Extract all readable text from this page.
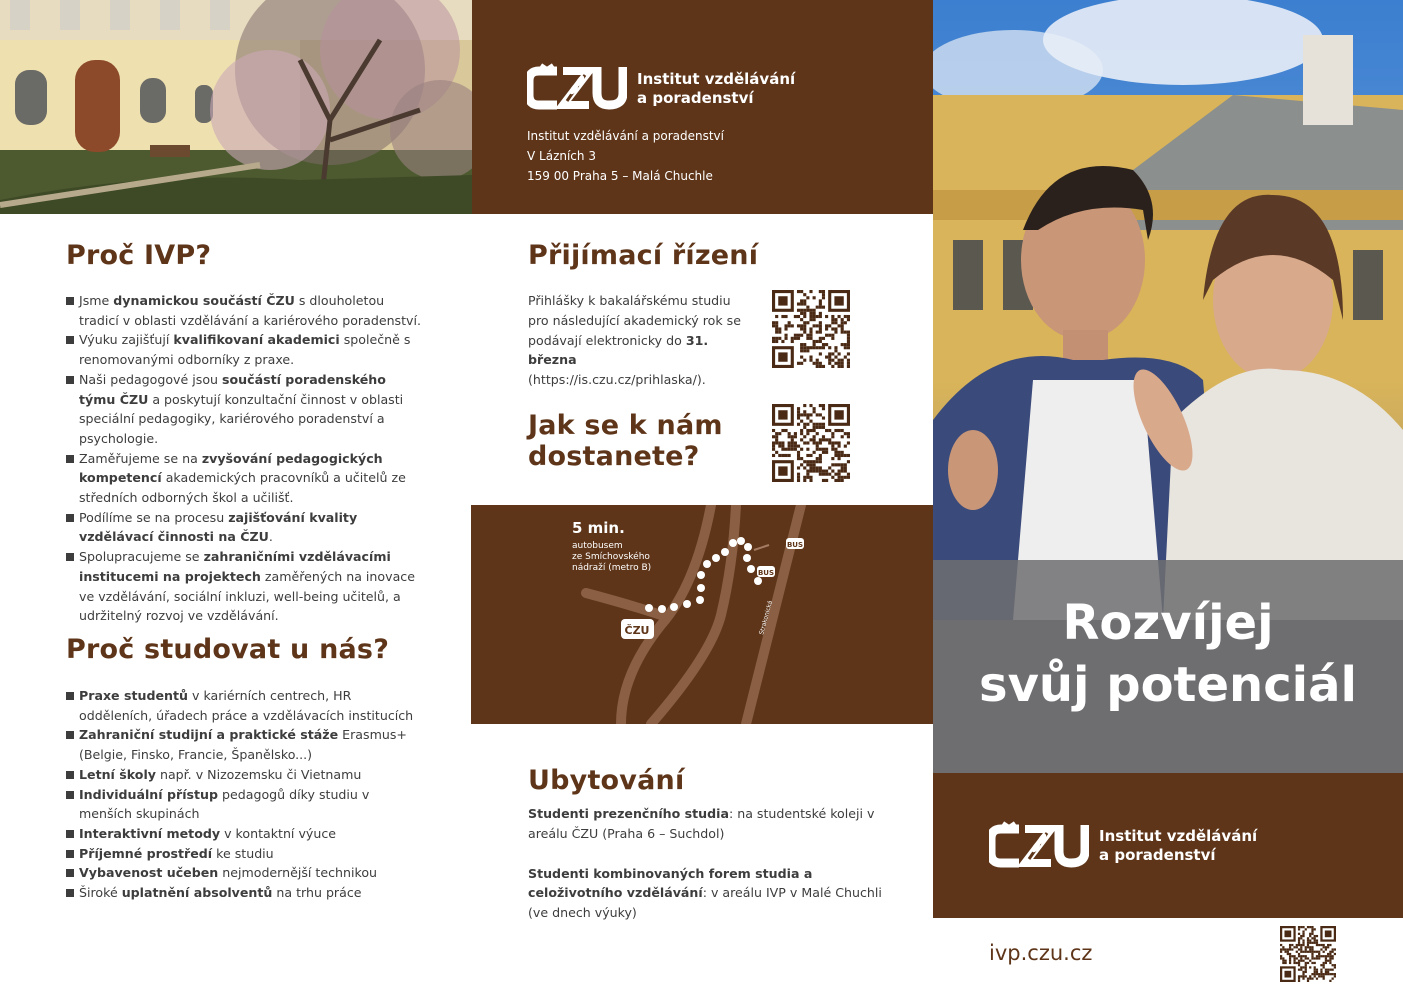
Institut vzdělávání
a poradenství
Institut vzdělávání a poradenství
V Lázních 3
159 00 Praha 5 – Malá Chuchle
Proč IVP?
Jsme dynamickou součástí ČZU s dlouholetou tradicí v oblasti vzdělávání a kariérového poradenství.
Výuku zajišťují kvalifikovaní akademici společně s renomovanými odborníky z praxe.
Naši pedagogové jsou součástí poradenského týmu ČZU a poskytují konzultační činnost v oblasti speciální pedagogiky, kariérového poradenství a psychologie.
Zaměřujeme se na zvyšování pedagogických kompetencí akademických pracovníků a učitelů ze středních odborných škol a učilišť.
Podílíme se na procesu zajišťování kvality vzdělávací činnosti na ČZU.
Spolupracujeme se zahraničními vzdělávacími institucemi na projektech zaměřených na inovace ve vzdělávání, sociální inkluzi, well-being učitelů, a udržitelný rozvoj ve vzdělávání.
Proč studovat u nás?
Praxe studentů v kariérních centrech, HR odděleních, úřadech práce a vzdělávacích institucích
Zahraniční studijní a praktické stáže Erasmus+ (Belgie, Finsko, Francie, Španělsko...)
Letní školy např. v Nizozemsku či Vietnamu
Individuální přístup pedagogů díky studiu v menších skupinách
Interaktivní metody v kontaktní výuce
Příjemné prostředí ke studiu
Vybavenost učeben nejmodernější technikou
Široké uplatnění absolventů na trhu práce
Přijímací řízení

Přihlášky k bakalářskému studiu pro následující akademický rok se podávají elektronicky do 31. března (https://is.czu.cz/prihlaska/).

Jak se k nám
dostanete?
BUS
BUS
ČZU	Strakonická
5 min.
autobusem
ze Smíchovského
nádraží (metro B)
Ubytování

Studenti prezenčního studia: na studentské koleji v areálu ČZU (Praha 6 – Suchdol)

Studenti kombinovaných forem studia a celoživotního vzdělávání: v areálu IVP v Malé Chuchli (ve dnech výuky)

Rozvíjej
svůj potenciál
Institut vzdělávání
a poradenství
ivp.czu.cz
